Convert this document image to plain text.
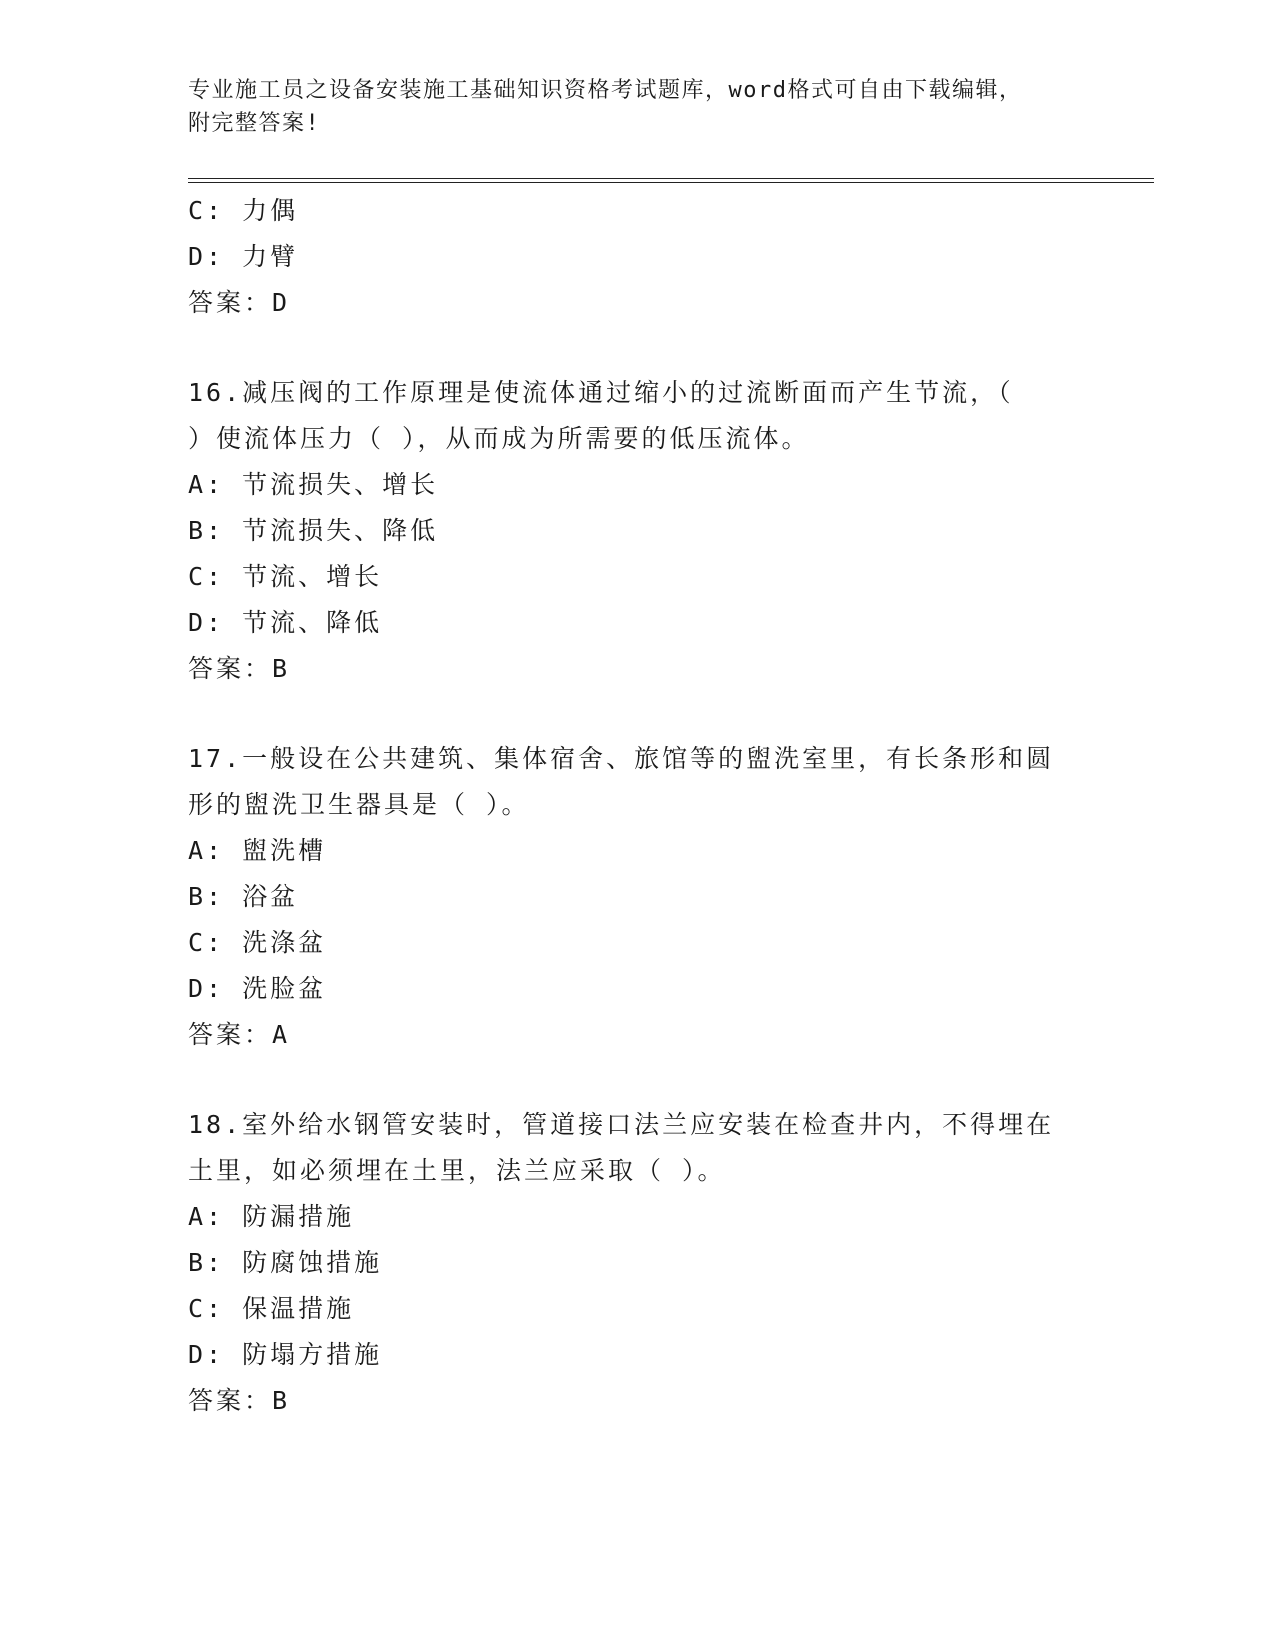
专业施工员之设备安装施工基础知识资格考试题库，word格式可自由下载编辑，
附完整答案!
C: 力偶
D: 力臂
答案：D
16.减压阀的工作原理是使流体通过缩小的过流断面而产生节流，（
）使流体压力（ ），从而成为所需要的低压流体。
A: 节流损失、增长
B: 节流损失、降低
C: 节流、增长
D: 节流、降低
答案：B
17.一般设在公共建筑、集体宿舍、旅馆等的盥洗室里，有长条形和圆
形的盥洗卫生器具是（ ）。
A: 盥洗槽
B: 浴盆
C: 洗涤盆
D: 洗脸盆
答案：A
18.室外给水钢管安装时，管道接口法兰应安装在检查井内，不得埋在
土里，如必须埋在土里，法兰应采取（ ）。
A: 防漏措施
B: 防腐蚀措施
C: 保温措施
D: 防塌方措施
答案：B
